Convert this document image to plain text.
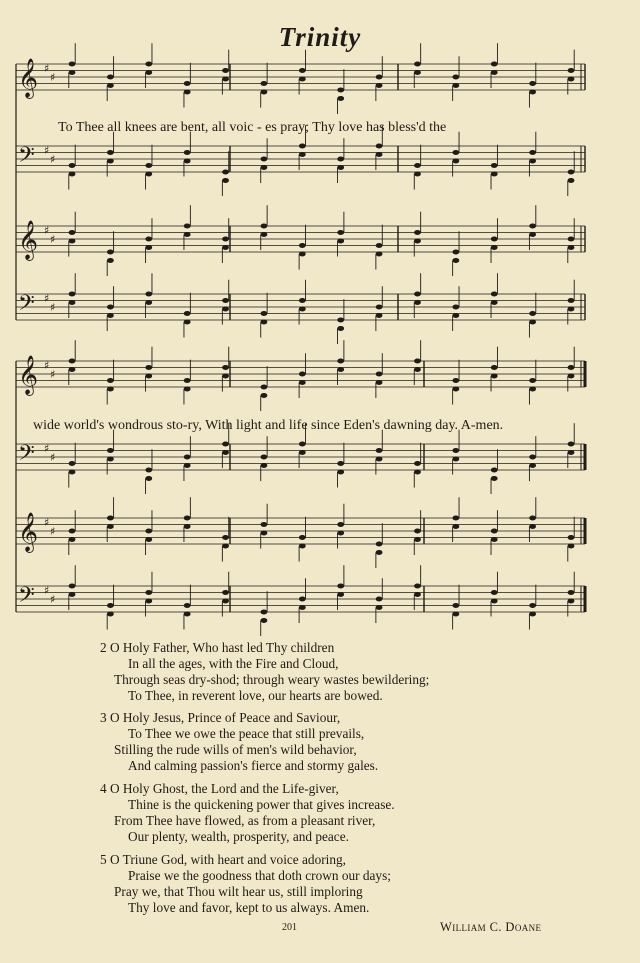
Trinity
𝄞 ♯
♯
𝄢 ♯
♯
𝄞 ♯
♯
𝄢 ♯
♯
𝄞 ♯
♯
𝄢 ♯
♯
𝄞 ♯
♯
𝄢 ♯
♯
To Thee all knees are bent, all voic - es pray; Thy love has bless'd the
wide world's wondrous sto-ry, With light and life since Eden's dawning day. A-men.
2 O Holy Father, Who hast led Thy children
In all the ages, with the Fire and Cloud,
Through seas dry-shod; through weary wastes bewildering;
To Thee, in reverent love, our hearts are bowed.
3 O Holy Jesus, Prince of Peace and Saviour,
To Thee we owe the peace that still prevails,
Stilling the rude wills of men's wild behavior,
And calming passion's fierce and stormy gales.
4 O Holy Ghost, the Lord and the Life-giver,
Thine is the quickening power that gives increase.
From Thee have flowed, as from a pleasant river,
Our plenty, wealth, prosperity, and peace.
5 O Triune God, with heart and voice adoring,
Praise we the goodness that doth crown our days;
Pray we, that Thou wilt hear us, still imploring
Thy love and favor, kept to us always. Amen.
201	William C. Doane
